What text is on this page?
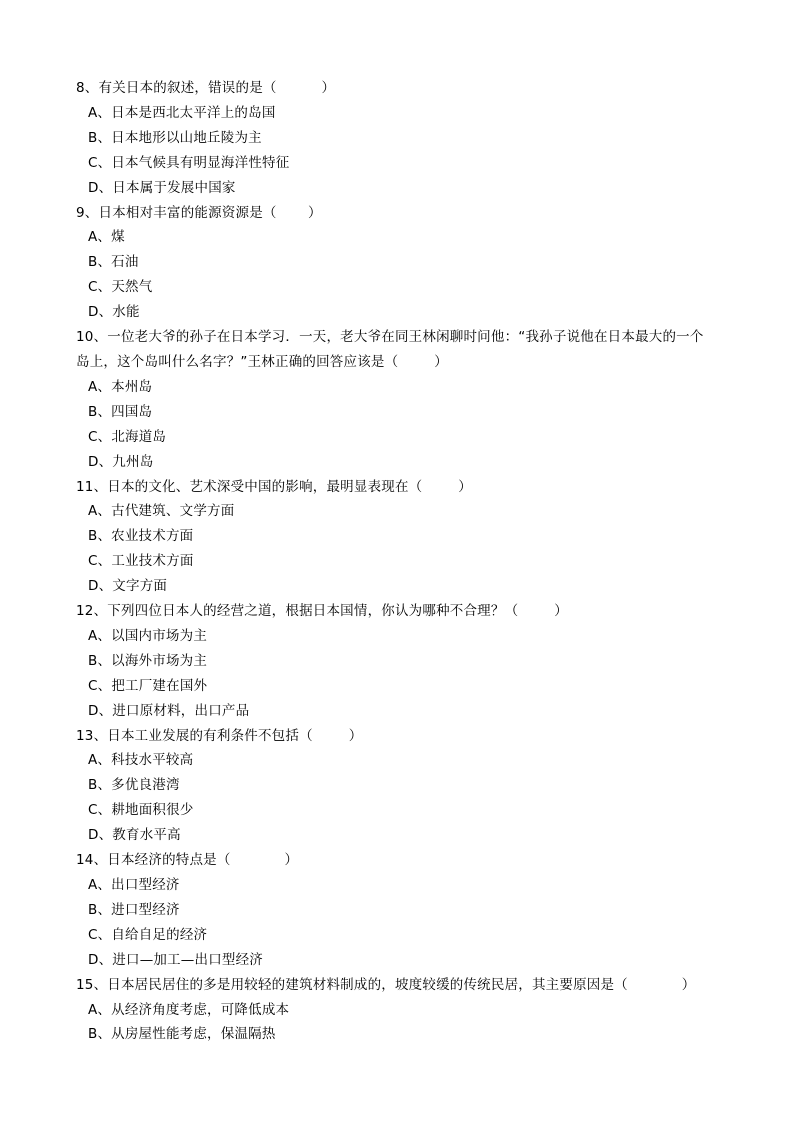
8、有关日本的叙述，错误的是（          ）
A、日本是西北太平洋上的岛国
B、日本地形以山地丘陵为主
C、日本气候具有明显海洋性特征
D、日本属于发展中国家
9、日本相对丰富的能源资源是（       ）
A、煤
B、石油
C、天然气
D、水能
10、一位老大爷的孙子在日本学习．一天，老大爷在同王林闲聊时问他：“我孙子说他在日本最大的一个
岛上，这个岛叫什么名字？”王林正确的回答应该是（        ）
A、本州岛
B、四国岛
C、北海道岛
D、九州岛
11、日本的文化、艺术深受中国的影响，最明显表现在（        ）
A、古代建筑、文学方面
B、农业技术方面
C、工业技术方面
D、文字方面
12、下列四位日本人的经营之道，根据日本国情，你认为哪种不合理？（        ）
A、以国内市场为主
B、以海外市场为主
C、把工厂建在国外
D、进口原材料，出口产品
13、日本工业发展的有利条件不包括（        ）
A、科技水平较高
B、多优良港湾
C、耕地面积很少
D、教育水平高
14、日本经济的特点是（            ）
A、出口型经济
B、进口型经济
C、自给自足的经济
D、进口—加工—出口型经济
15、日本居民居住的多是用较轻的建筑材料制成的，坡度较缓的传统民居，其主要原因是（            ）
A、从经济角度考虑，可降低成本
B、从房屋性能考虑，保温隔热
